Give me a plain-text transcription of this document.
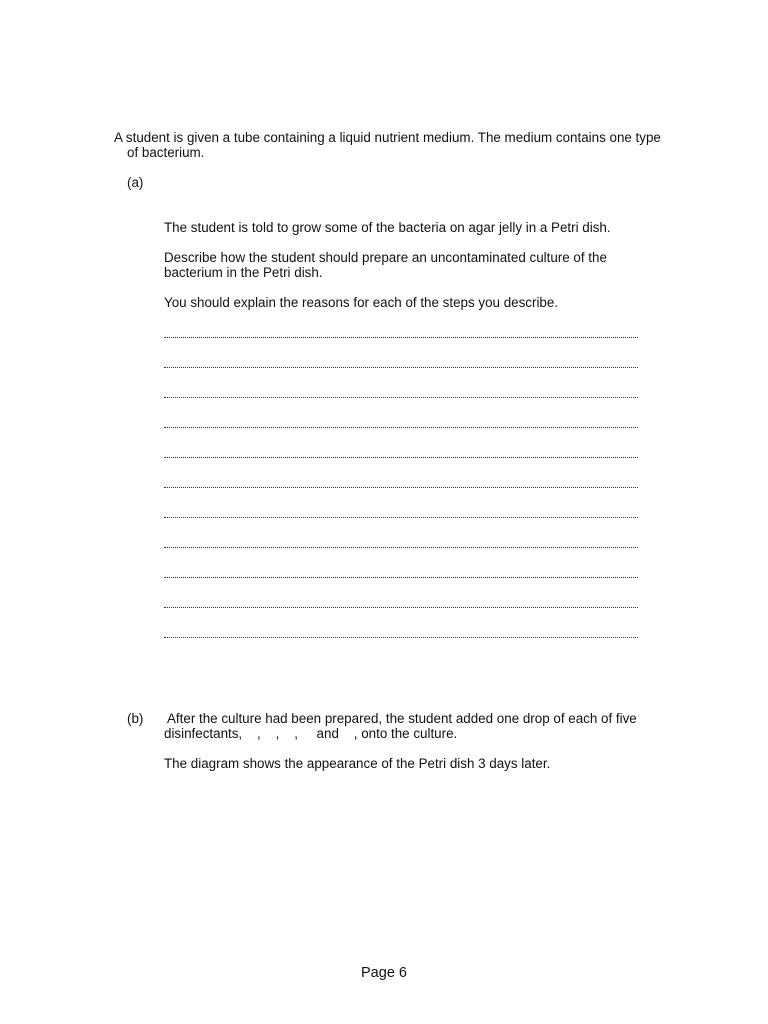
A student is given a tube containing a liquid nutrient medium. The medium contains one type
of bacterium.
(a)
The student is told to grow some of the bacteria on agar jelly in a Petri dish.
Describe how the student should prepare an uncontaminated culture of the
bacterium in the Petri dish.
You should explain the reasons for each of the steps you describe.
(b) After the culture had been prepared, the student added one drop of each of five
disinfectants,    ,    ,    ,     and    , onto the culture.
The diagram shows the appearance of the Petri dish 3 days later.
Page 6
